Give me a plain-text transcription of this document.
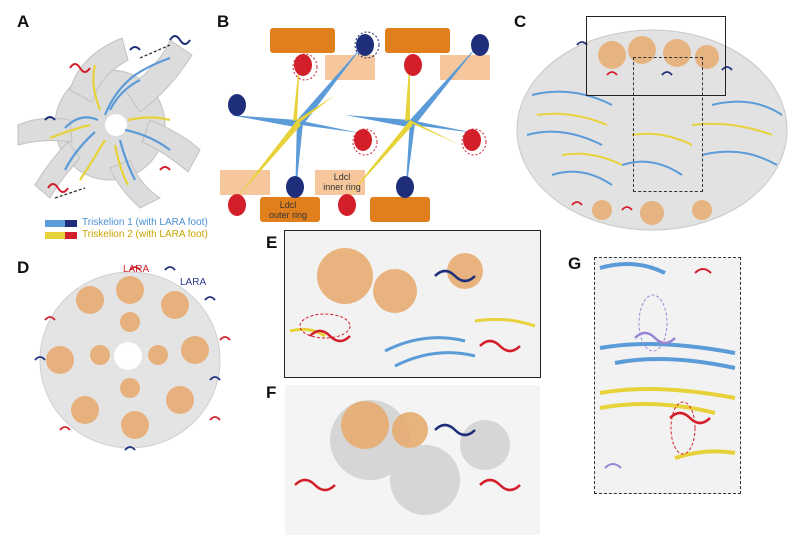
A	B	C
D
E
F
G
Triskelion 1 (with LARA foot)
Triskelion 2 (with LARA foot)
Ldcl
inner ring
Ldcl
outer ring
LARA
LARA
